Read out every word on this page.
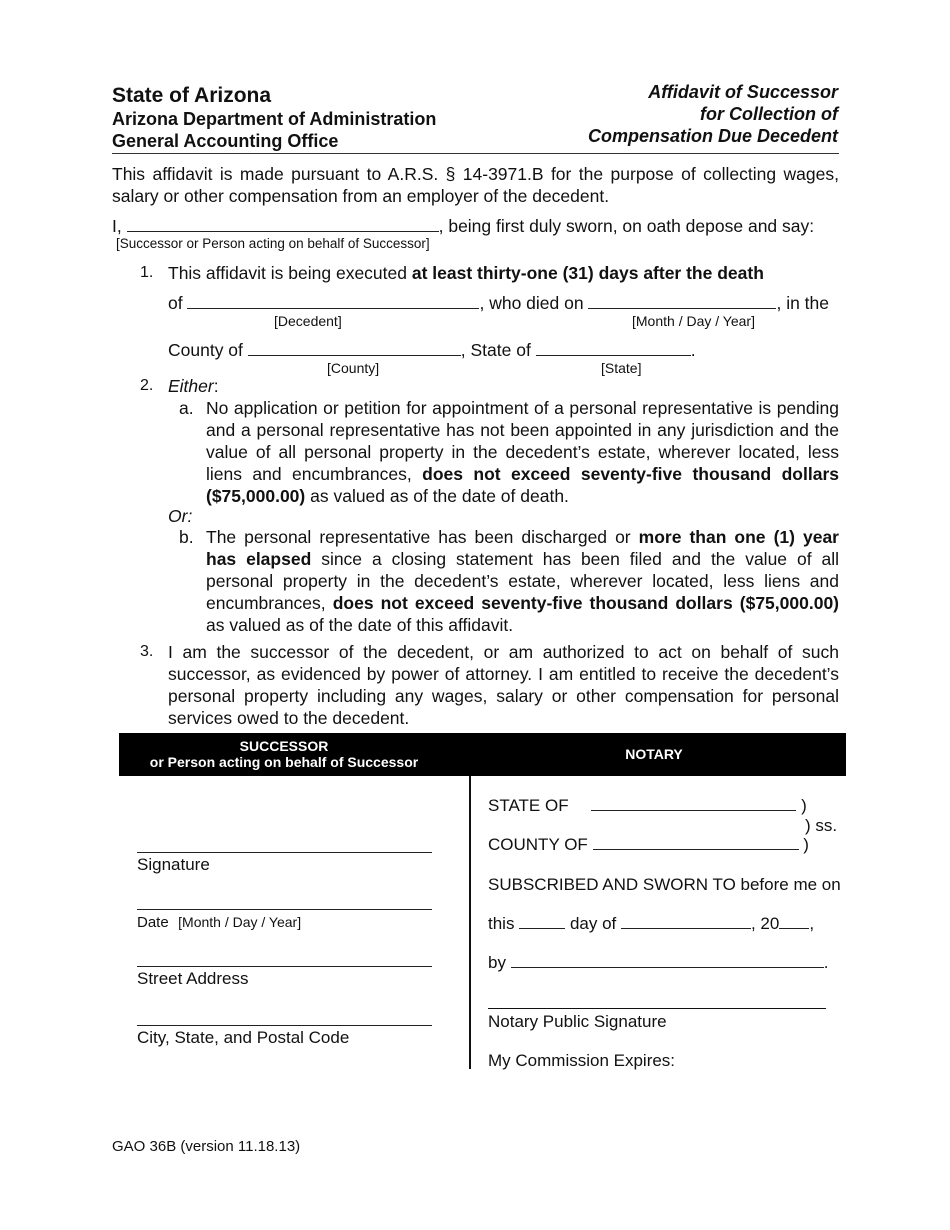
State of Arizona
Arizona Department of Administration
General Accounting Office
Affidavit of Successor
for Collection of
Compensation Due Decedent
This affidavit is made pursuant to A.R.S. § 14-3971.B for the purpose of collecting wages, salary or other compensation from an employer of the decedent.
I,	, being first duly sworn, on oath depose and say:
[Successor or Person acting on behalf of Successor]
1. This affidavit is being executed at least thirty-one (31) days after the death
of	, who died on	, in the
[Decedent]	[Month / Day / Year]
County of	, State of	.
[County]	[State]
2. Either:
a. No application or petition for appointment of a personal representative is pending and a personal representative has not been appointed in any jurisdiction and the value of all personal property in the decedent’s estate, wherever located, less liens and encumbrances, does not exceed seventy-five thousand dollars ($75,000.00) as valued as of the date of death.
Or:
b. The personal representative has been discharged or more than one (1) year has elapsed since a closing statement has been filed and the value of all personal property in the decedent’s estate, wherever located, less liens and encumbrances, does not exceed seventy-five thousand dollars ($75,000.00) as valued as of the date of this affidavit.
3. I am the successor of the decedent, or am authorized to act on behalf of such successor, as evidenced by power of attorney. I am entitled to receive the decedent’s personal property including any wages, salary or other compensation for personal services owed to the decedent.
SUCCESSOR
or Person acting on behalf of Successor	NOTARY
Signature
Date [Month / Day / Year]
Street Address
City, State, and Postal Code
STATE OF	)
) ss.
COUNTY OF	)
SUBSCRIBED AND SWORN TO before me on
this	day of	, 20 ,
by	.
Notary Public Signature
My Commission Expires:
GAO 36B (version 11.18.13)
